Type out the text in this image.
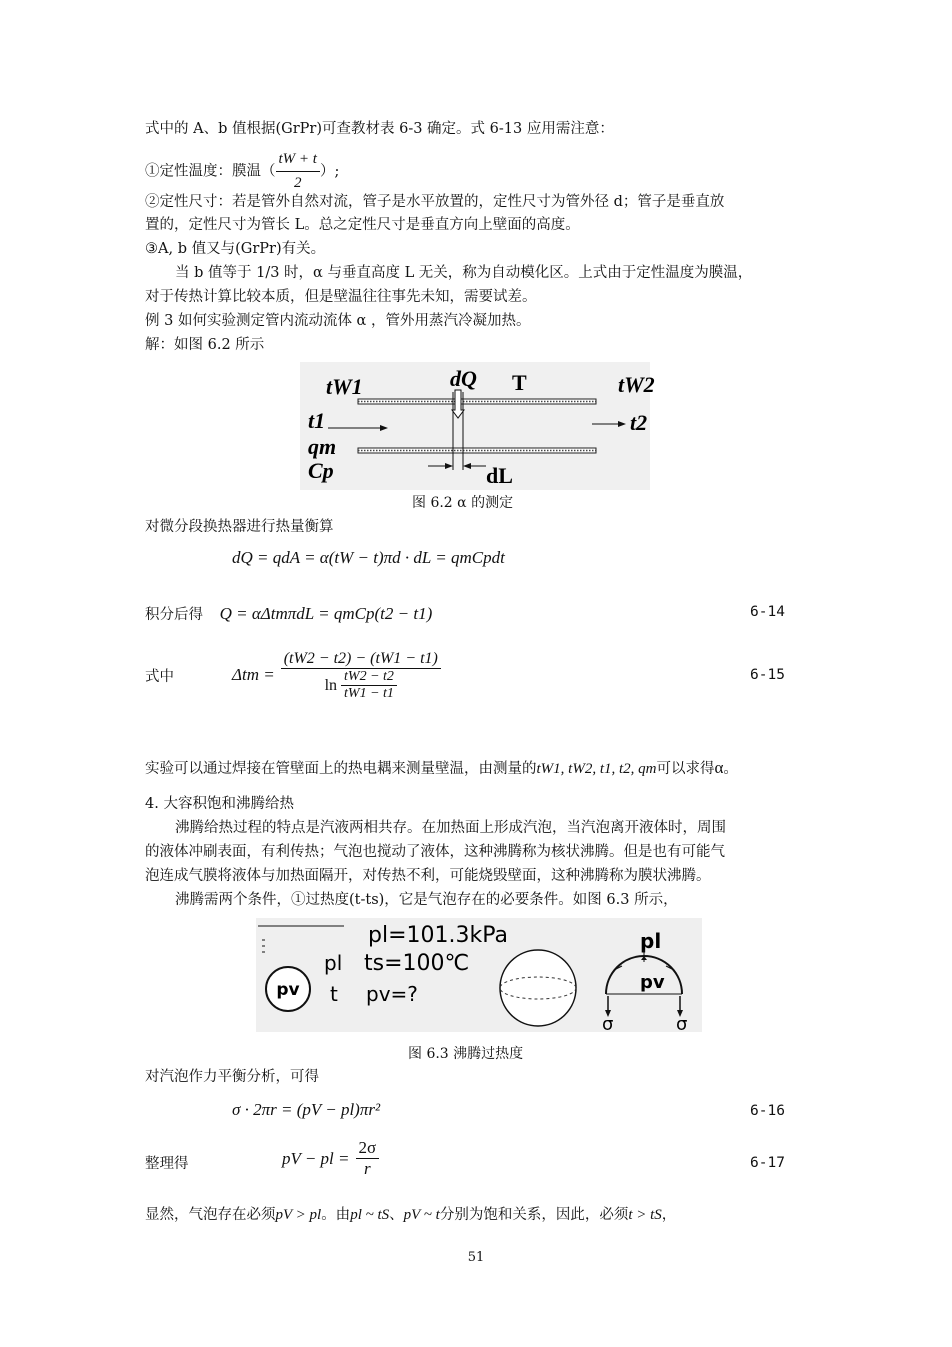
式中的 A、b 值根据(GrPr)可查教材表 6-3 确定。式 6-13 应用需注意：

①定性温度：膜温（ $\frac{tW + t}{2}$ ）;

②定性尺寸：若是管外自然对流，管子是水平放置的，定性尺寸为管外径 d；管子是垂直放

置的，定性尺寸为管长 L。总之定性尺寸是垂直方向上壁面的高度。

③A, b 值又与(GrPr)有关。

当 b 值等于 1/3 时，α 与垂直高度 L 无关，称为自动模化区。上式由于定性温度为膜温，

对于传热计算比较本质，但是壁温往往事先未知，需要试差。

例 3 如何实验测定管内流动流体 α ，管外用蒸汽冷凝加热。

解：如图 6.2 所示

tW1	dQ T	tW2
t1	t2
qm
Cp	dL
图 6.2 α 的测定

对微分段换热器进行热量衡算

dQ = qdA = α(tW − t)πd · dL = qmCpdt

积分后得 Q = αΔtmπdL = qmCp(t2 − t1)	6-14

式中	$\Delta tm = \frac{(tW2 - t2) - (tW1 - t1)}{\ln \frac{tW2 - t2}{tW1 - t1}}$	6-15

实验可以通过焊接在管壁面上的热电耦来测量壁温，由测量的tW1, tW2, t1, t2, qm可以求得α。

4. 大容积饱和沸腾给热

沸腾给热过程的特点是汽液两相共存。在加热面上形成汽泡，当汽泡离开液体时，周围

的液体冲刷表面，有利传热；气泡也搅动了液体，这种沸腾称为核状沸腾。但是也有可能气

泡连成气膜将液体与加热面隔开，对传热不利，可能烧毁壁面，这种沸腾称为膜状沸腾。

沸腾需两个条件，①过热度(t-ts)，它是气泡存在的必要条件。如图 6.3 所示，

pv
pl=101.3kPa
pl ts=100℃
t pv=?
pl
pv
σ	σ
图 6.3 沸腾过热度

对汽泡作力平衡分析，可得

σ · 2πr = (pV − pl)πr²	6-16

整理得	pV − pl = $\frac{2\sigma}{r}$	6-17

显然，气泡存在必须pV > pl。由pl ~ tS、pV ~ t分别为饱和关系，因此，必须t > tS，

51
